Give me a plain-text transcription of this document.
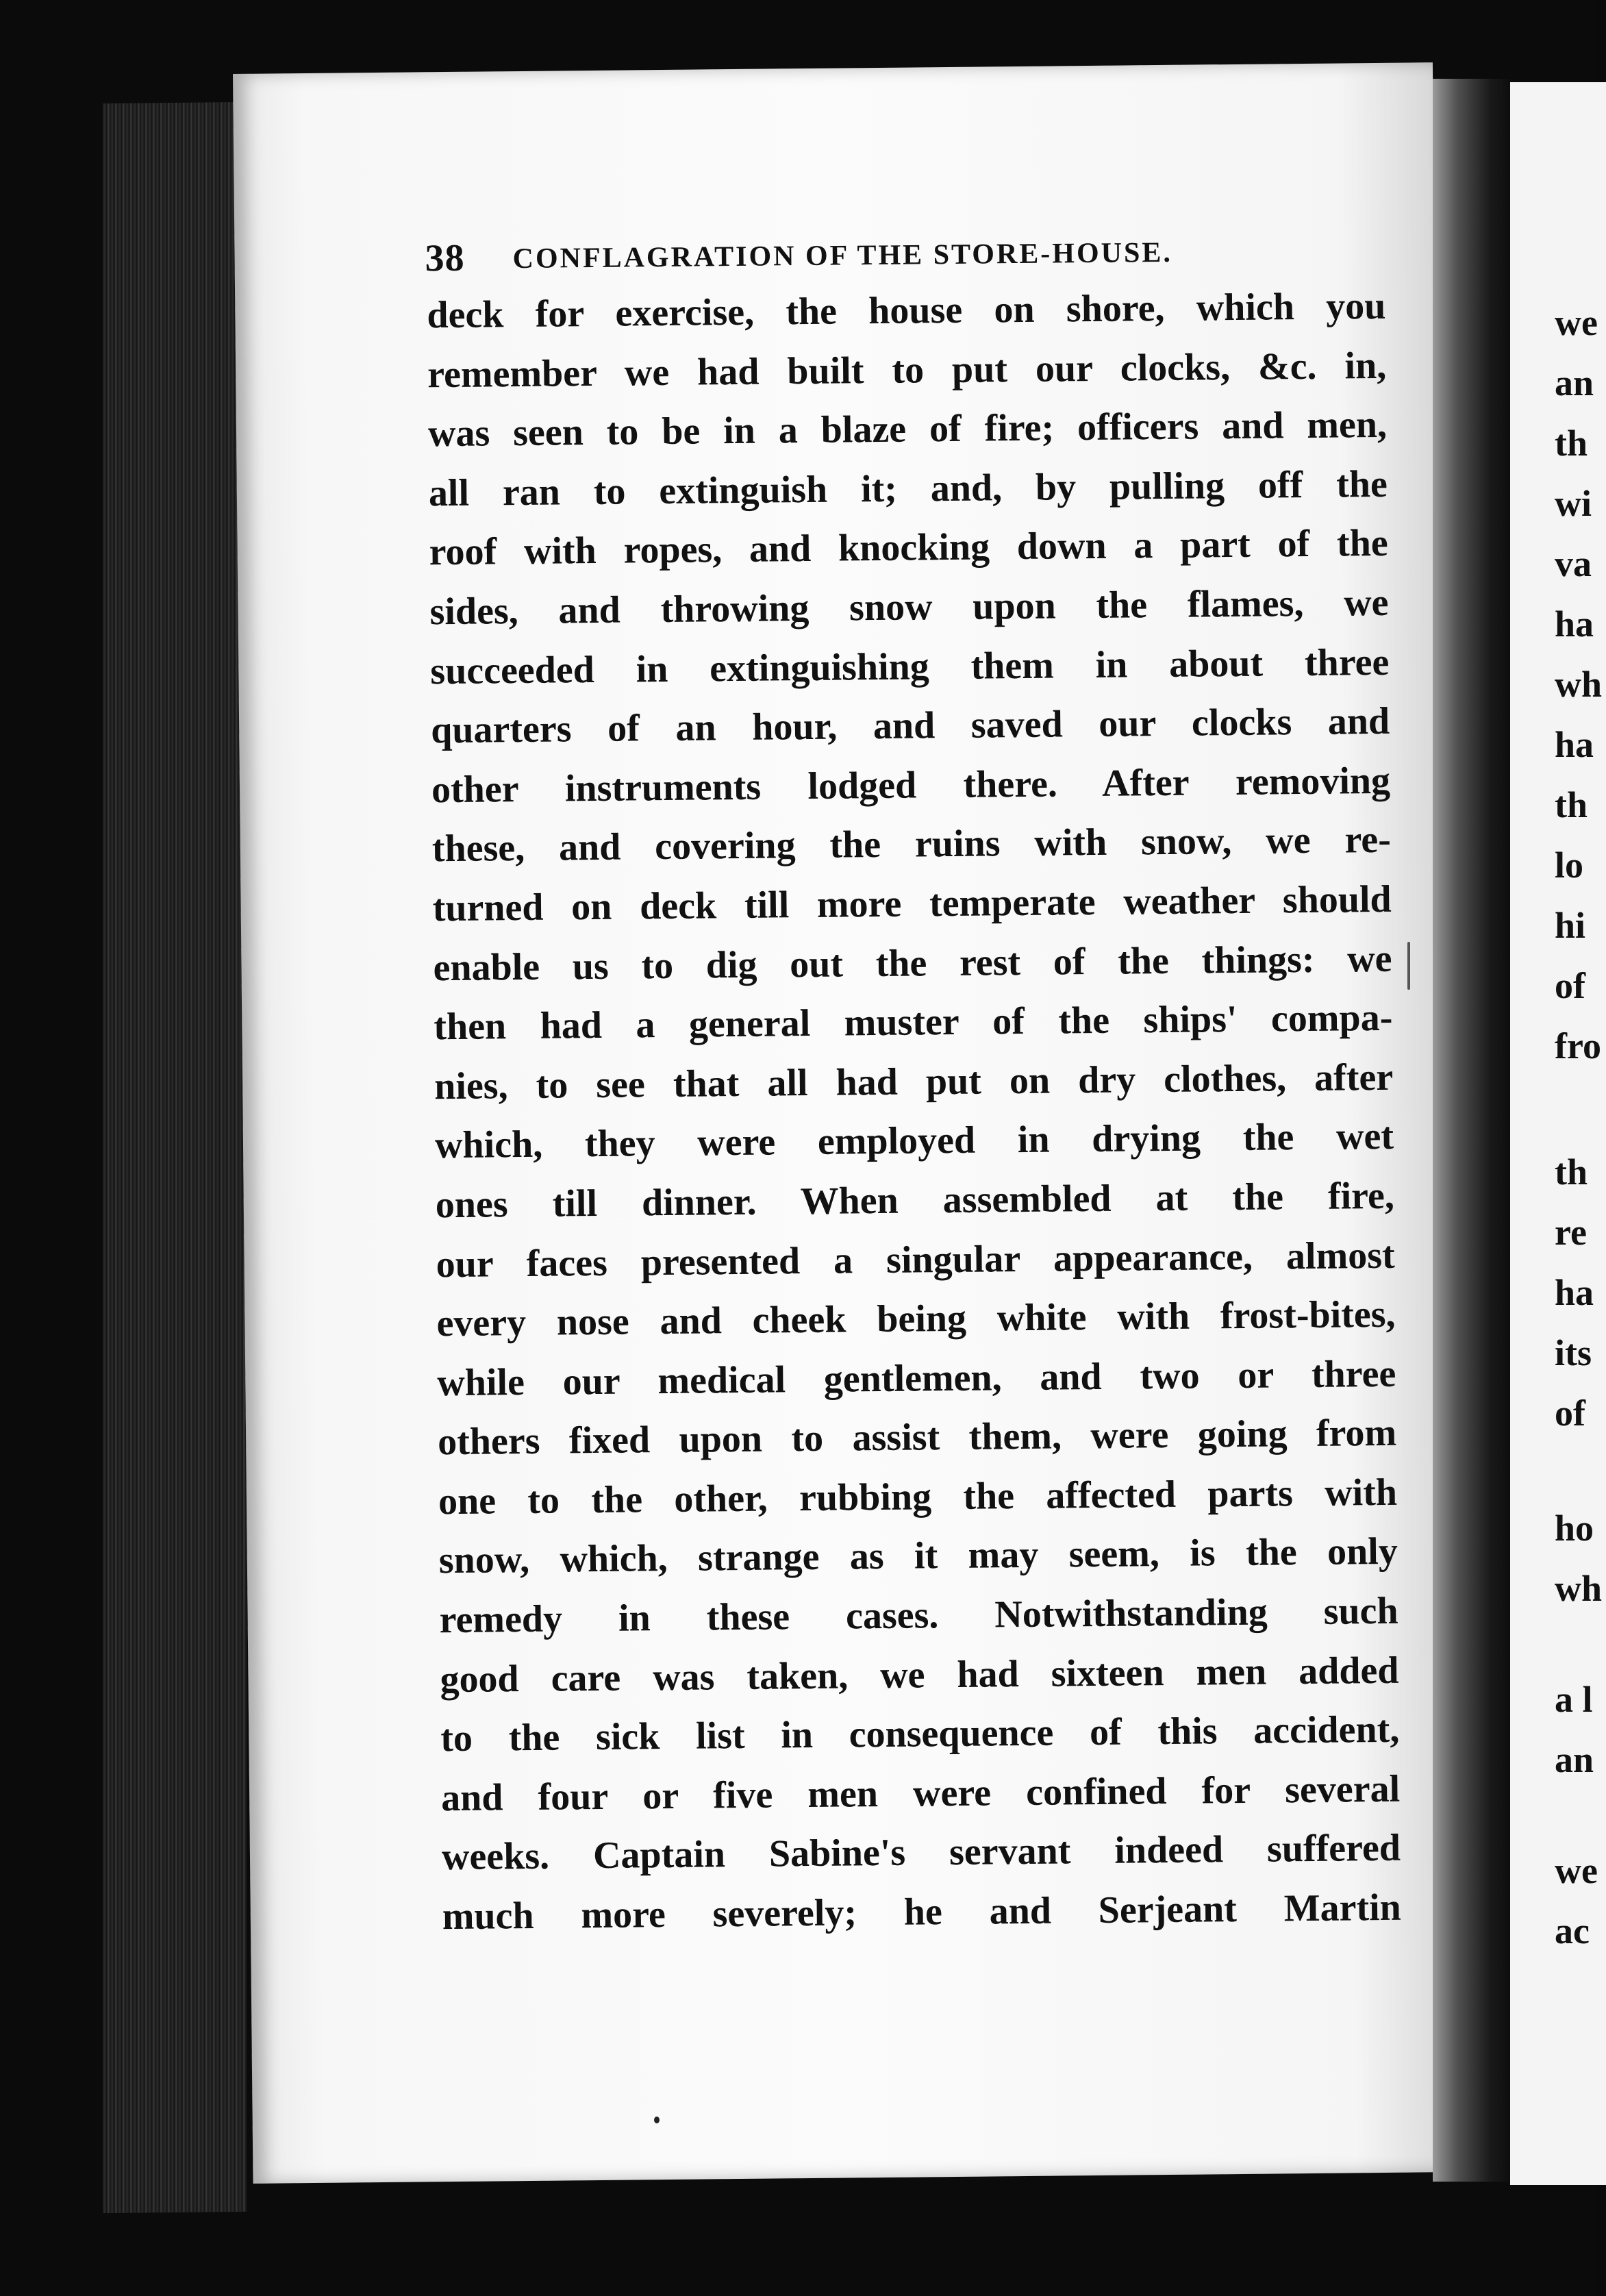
38 CONFLAGRATION OF THE STORE-HOUSE.
deck for exercise, the house on shore, which you
remember we had built to put our clocks, &c. in,
was seen to be in a blaze of fire; officers and men,
all ran to extinguish it; and, by pulling off the
roof with ropes, and knocking down a part of the
sides, and throwing snow upon the flames, we
succeeded in extinguishing them in about three
quarters of an hour, and saved our clocks and
other instruments lodged there. After removing
these, and covering the ruins with snow, we re-
turned on deck till more temperate weather should
enable us to dig out the rest of the things: we
then had a general muster of the ships' compa-
nies, to see that all had put on dry clothes, after
which, they were employed in drying the wet
ones till dinner. When assembled at the fire,
our faces presented a singular appearance, almost
every nose and cheek being white with frost-bites,
while our medical gentlemen, and two or three
others fixed upon to assist them, were going from
one to the other, rubbing the affected parts with
snow, which, strange as it may seem, is the only
remedy in these cases. Notwithstanding such
good care was taken, we had sixteen men added
to the sick list in consequence of this accident,
and four or five men were confined for several
weeks. Captain Sabine's servant indeed suffered
much more severely; he and Serjeant Martin
we
an
th
wi
va
ha
wh
ha
th
lo
hi
of
fro
th
re
ha
its
of
ho
wh
a l
an
we
ac
